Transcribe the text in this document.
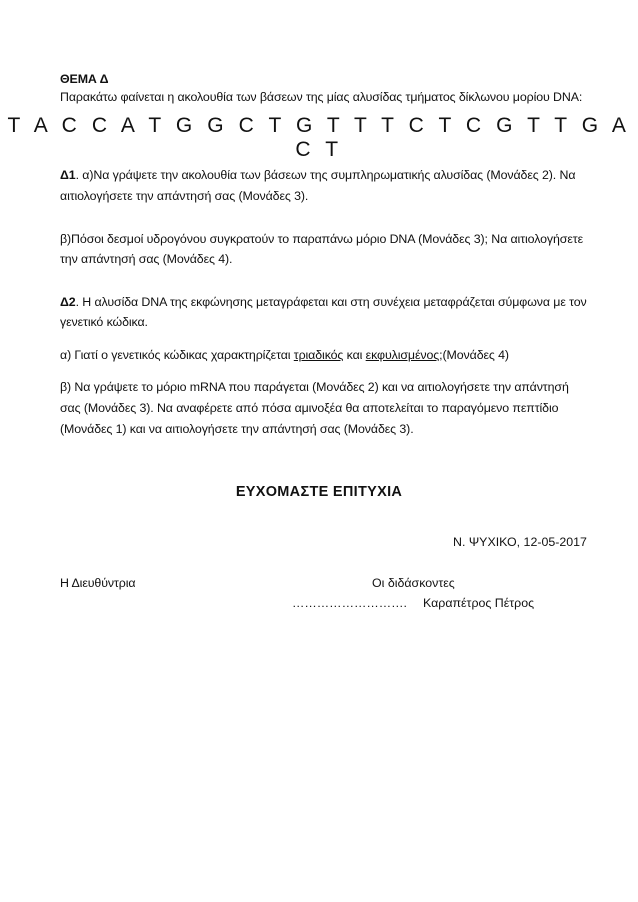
ΘΕΜΑ Δ
Παρακάτω φαίνεται η ακολουθία των βάσεων της μίας αλυσίδας τμήματος δίκλωνου μορίου DNA:
T A C C A T G G C T G T T T C T C G T T G A C T
Δ1. α)Να γράψετε την ακολουθία των βάσεων της συμπληρωματικής αλυσίδας (Μονάδες 2). Να
αιτιολογήσετε την απάντησή σας (Μονάδες 3).
β)Πόσοι δεσμοί υδρογόνου συγκρατούν το παραπάνω μόριο DNA (Μονάδες 3); Να αιτιολογήσετε
την απάντησή σας (Μονάδες 4).
Δ2. Η αλυσίδα DNA της εκφώνησης μεταγράφεται και στη συνέχεια μεταφράζεται σύμφωνα με τον
γενετικό κώδικα.
α) Γιατί ο γενετικός κώδικας χαρακτηρίζεται τριαδικός και εκφυλισμένος;(Μονάδες 4)
β) Να γράψετε το μόριο mRNA που παράγεται (Μονάδες 2) και να αιτιολογήσετε την απάντησή
σας (Μονάδες 3). Να αναφέρετε από πόσα αμινοξέα θα αποτελείται το παραγόμενο πεπτίδιο
(Μονάδες 1) και να αιτιολογήσετε την απάντησή σας (Μονάδες 3).
ΕΥΧΟΜΑΣΤΕ ΕΠΙΤΥΧΙΑ
Ν. ΨΥΧΙΚΟ, 12-05-2017
Η Διευθύντρια	Οι διδάσκοντες
………………………. Καραπέτρος Πέτρος
